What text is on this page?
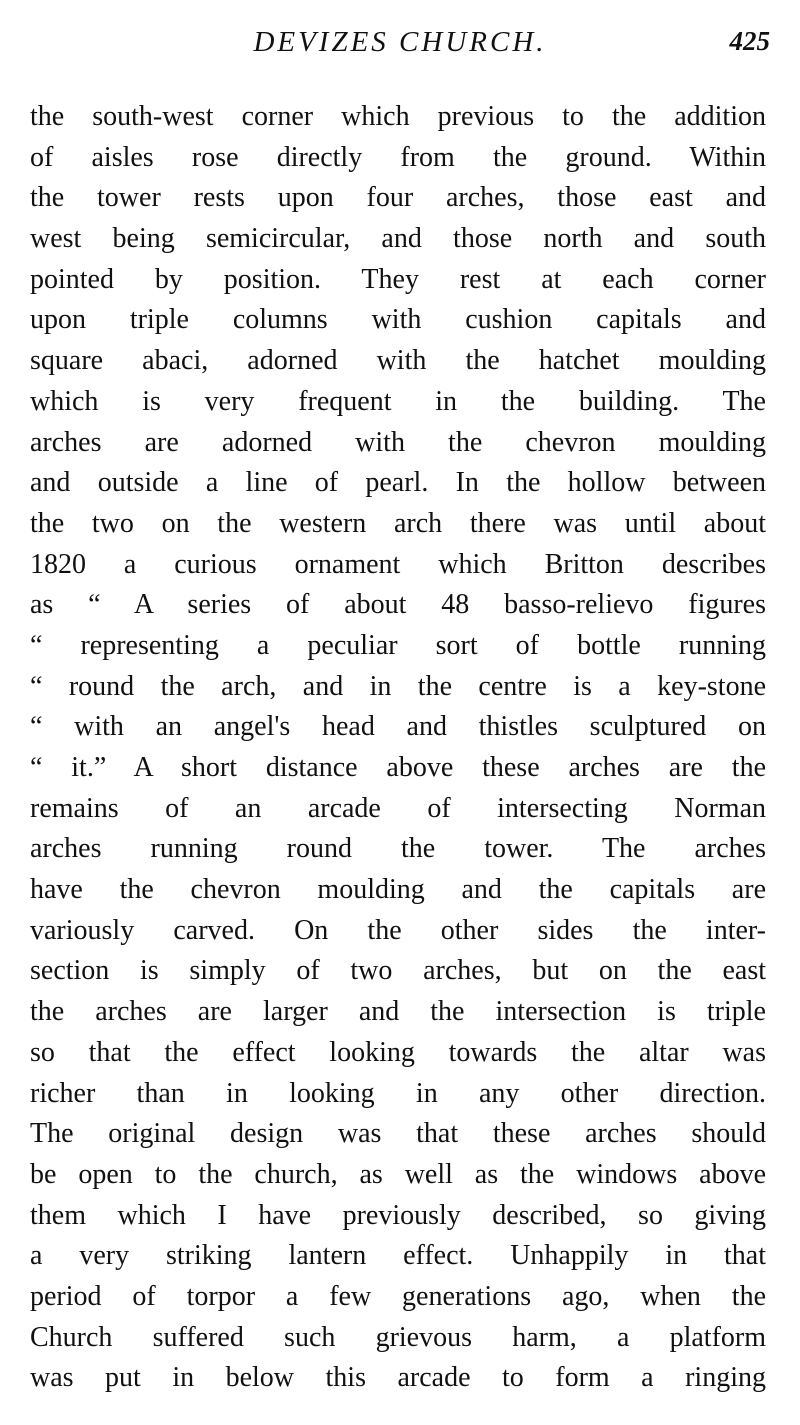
DEVIZES CHURCH.	425
the south-west corner which previous to the addition
of aisles rose directly from the ground. Within
the tower rests upon four arches, those east and
west being semicircular, and those north and south
pointed by position. They rest at each corner
upon triple columns with cushion capitals and
square abaci, adorned with the hatchet moulding
which is very frequent in the building. The
arches are adorned with the chevron moulding
and outside a line of pearl. In the hollow between
the two on the western arch there was until about
1820 a curious ornament which Britton describes
as “ A series of about 48 basso-relievo figures
“ representing a peculiar sort of bottle running
“ round the arch, and in the centre is a key-stone
“ with an angel's head and thistles sculptured on
“ it.” A short distance above these arches are the
remains of an arcade of intersecting Norman
arches running round the tower. The arches
have the chevron moulding and the capitals are
variously carved. On the other sides the inter-
section is simply of two arches, but on the east
the arches are larger and the intersection is triple
so that the effect looking towards the altar was
richer than in looking in any other direction.
The original design was that these arches should
be open to the church, as well as the windows above
them which I have previously described, so giving
a very striking lantern effect. Unhappily in that
period of torpor a few generations ago, when the
Church suffered such grievous harm, a platform
was put in below this arcade to form a ringing
